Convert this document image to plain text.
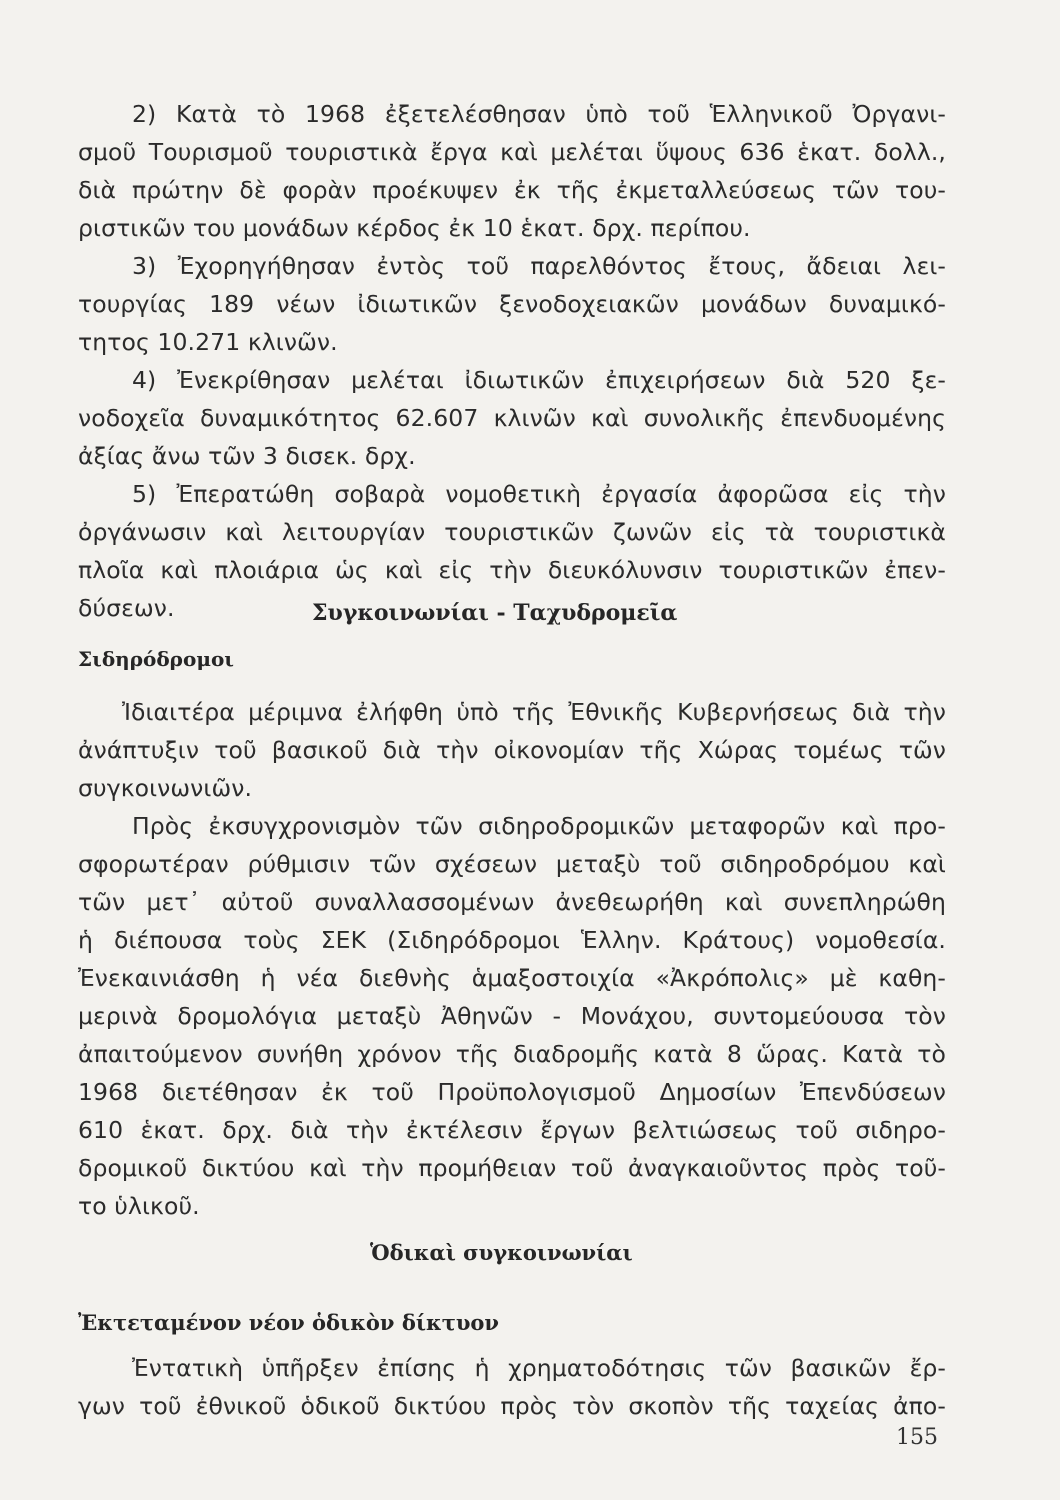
2) Κατὰ τὸ 1968 ἐξετελέσθησαν ὑπὸ τοῦ Ἑλληνικοῦ Ὀργανι-
σμοῦ Τουρισμοῦ τουριστικὰ ἔργα καὶ μελέται ὕψους 636 ἑκατ. δολλ.,
διὰ πρώτην δὲ φορὰν προέκυψεν ἐκ τῆς ἐκμεταλλεύσεως τῶν του-
ριστικῶν του μονάδων κέρδος ἐκ 10 ἑκατ. δρχ. περίπου.
3) Ἐχορηγήθησαν ἐντὸς τοῦ παρελθόντος ἔτους, ἄδειαι λει-
τουργίας 189 νέων ἰδιωτικῶν ξενοδοχειακῶν μονάδων δυναμικό-
τητος 10.271 κλινῶν.
4) Ἐνεκρίθησαν μελέται ἰδιωτικῶν ἐπιχειρήσεων διὰ 520 ξε-
νοδοχεῖα δυναμικότητος 62.607 κλινῶν καὶ συνολικῆς ἐπενδυομένης
ἀξίας ἄνω τῶν 3 δισεκ. δρχ.
5) Ἐπερατώθη σοβαρὰ νομοθετικὴ ἐργασία ἀφορῶσα εἰς τὴν
ὀργάνωσιν καὶ λειτουργίαν τουριστικῶν ζωνῶν εἰς τὰ τουριστικὰ
πλοῖα καὶ πλοιάρια ὡς καὶ εἰς τὴν διευκόλυνσιν τουριστικῶν ἐπεν-
δύσεων.	Συγκοινωνίαι - Ταχυδρομεῖα
Σιδηρόδρομοι
Ἰδιαιτέρα μέριμνα ἐλήφθη ὑπὸ τῆς Ἐθνικῆς Κυβερνήσεως διὰ τὴν
ἀνάπτυξιν τοῦ βασικοῦ διὰ τὴν οἰκονομίαν τῆς Χώρας τομέως τῶν
συγκοινωνιῶν.
Πρὸς ἐκσυγχρονισμὸν τῶν σιδηροδρομικῶν μεταφορῶν καὶ προ-
σφορωτέραν ρύθμισιν τῶν σχέσεων μεταξὺ τοῦ σιδηροδρόμου καὶ
τῶν μετ᾽ αὐτοῦ συναλλασσομένων ἀνεθεωρήθη καὶ συνεπληρώθη
ἡ διέπουσα τοὺς ΣΕΚ (Σιδηρόδρομοι Ἑλλην. Κράτους) νομοθεσία.
Ἐνεκαινιάσθη ἡ νέα διεθνὴς ἁμαξοστοιχία «Ἀκρόπολις» μὲ καθη-
μερινὰ δρομολόγια μεταξὺ Ἀθηνῶν - Μονάχου, συντομεύουσα τὸν
ἀπαιτούμενον συνήθη χρόνον τῆς διαδρομῆς κατὰ 8 ὥρας. Κατὰ τὸ
1968 διετέθησαν ἐκ τοῦ Προϋπολογισμοῦ Δημοσίων Ἐπενδύσεων
610 ἑκατ. δρχ. διὰ τὴν ἐκτέλεσιν ἔργων βελτιώσεως τοῦ σιδηρο-
δρομικοῦ δικτύου καὶ τὴν προμήθειαν τοῦ ἀναγκαιοῦντος πρὸς τοῦ-
το ὑλικοῦ.
Ὁδικαὶ συγκοινωνίαι
Ἐκτεταμένον νέον ὁδικὸν δίκτυον
Ἐντατικὴ ὑπῆρξεν ἐπίσης ἡ χρηματοδότησις τῶν βασικῶν ἔρ-
γων τοῦ ἐθνικοῦ ὁδικοῦ δικτύου πρὸς τὸν σκοπὸν τῆς ταχείας ἀπο-
155
